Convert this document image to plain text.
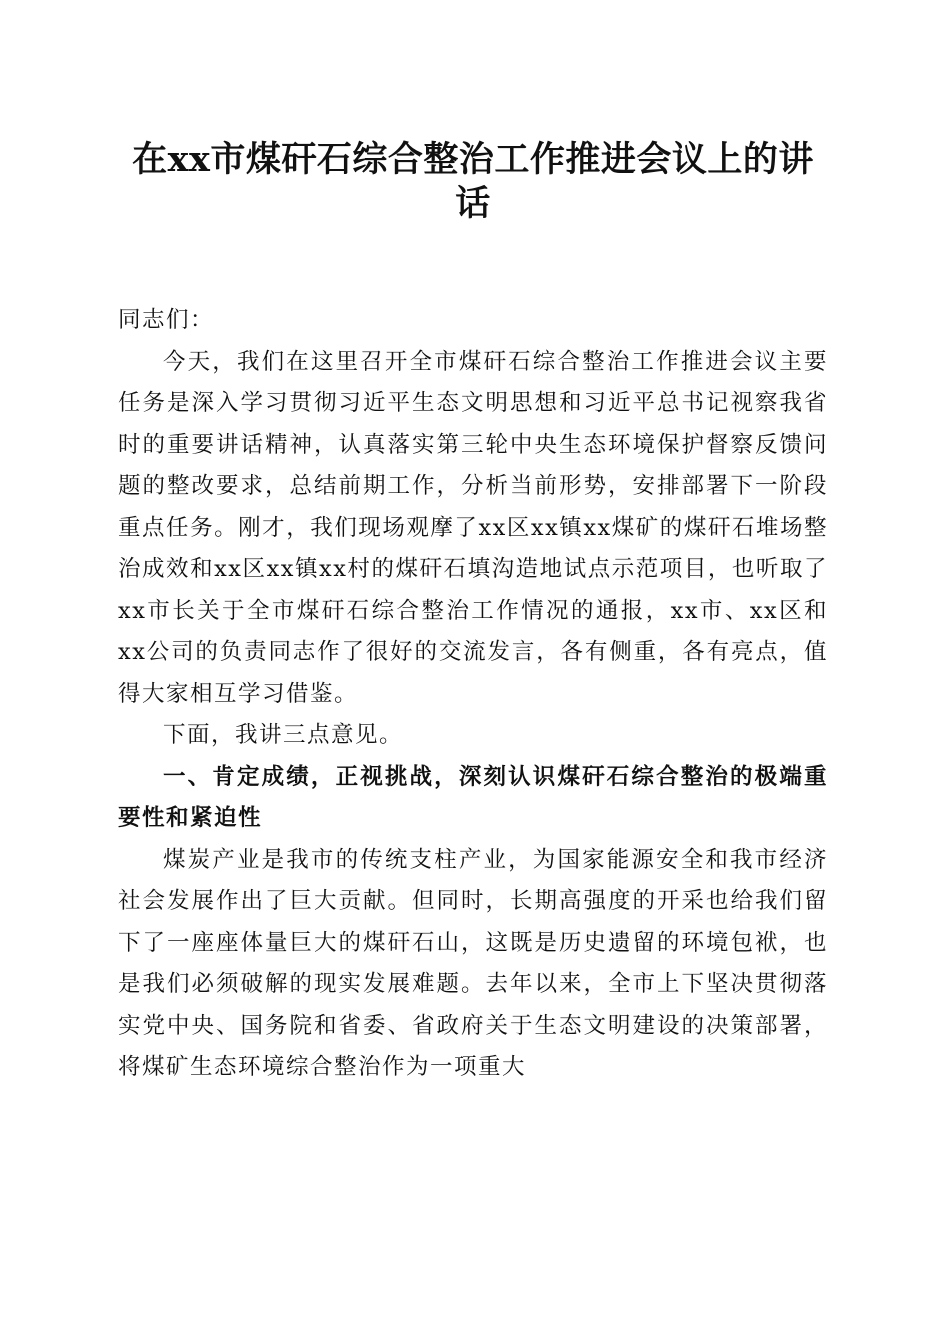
在xx市煤矸石综合整治工作推进会议上的讲话

同志们：

今天，我们在这里召开全市煤矸石综合整治工作推进会议主要任务是深入学习贯彻习近平生态文明思想和习近平总书记视察我省时的重要讲话精神，认真落实第三轮中央生态环境保护督察反馈问题的整改要求，总结前期工作，分析当前形势，安排部署下一阶段重点任务。刚才，我们现场观摩了xx区xx镇xx煤矿的煤矸石堆场整治成效和xx区xx镇xx村的煤矸石填沟造地试点示范项目，也听取了xx市长关于全市煤矸石综合整治工作情况的通报，xx市、xx区和xx公司的负责同志作了很好的交流发言，各有侧重，各有亮点，值得大家相互学习借鉴。

下面，我讲三点意见。

一、肯定成绩，正视挑战，深刻认识煤矸石综合整治的极端重要性和紧迫性

煤炭产业是我市的传统支柱产业，为国家能源安全和我市经济社会发展作出了巨大贡献。但同时，长期高强度的开采也给我们留下了一座座体量巨大的煤矸石山，这既是历史遗留的环境包袱，也是我们必须破解的现实发展难题。去年以来，全市上下坚决贯彻落实党中央、国务院和省委、省政府关于生态文明建设的决策部署，将煤矿生态环境综合整治作为一项重大
